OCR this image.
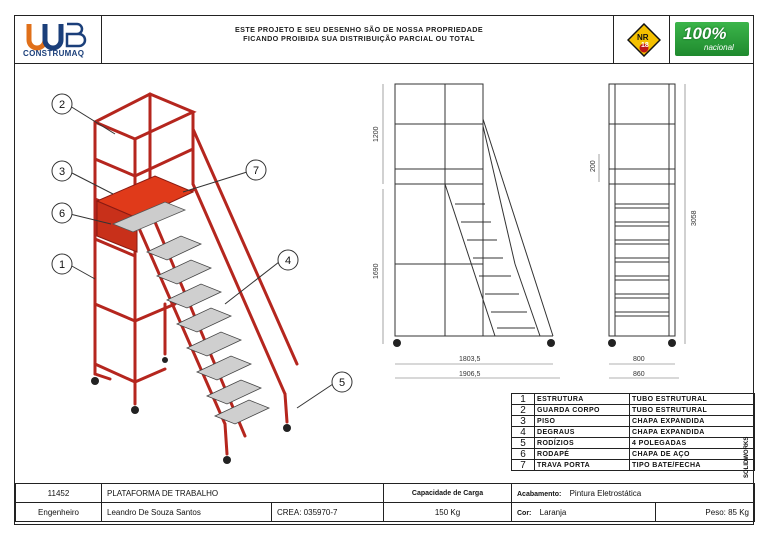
CONSTRUMAQ
ESTE PROJETO E SEU DESENHO SÃO DE NOSSA PROPRIEDADE
FICANDO PROIBIDA SUA DISTRIBUIÇÃO PARCIAL OU TOTAL	NR
18
100%
nacional
2
3	7
6
1	4
5
1200
1690
1803,5
1906,5
200
3058
800
860
1	ESTRUTURA	TUBO ESTRUTURAL
2	GUARDA CORPO	TUBO ESTRUTURAL
3	PISO	CHAPA EXPANDIDA
4	DEGRAUS	CHAPA EXPANDIDA
5	RODÍZIOS	4 POLEGADAS
6	RODAPÉ	CHAPA DE AÇO
7	TRAVA PORTA	TIPO BATE/FECHA
11452	PLATAFORMA DE TRABALHO		Capacidade de Carga	Acabamento: Pintura Eletrostática	
Engenheiro	Leandro De Souza Santos	CREA: 035970-7	150 Kg	Cor: Laranja	Peso: 85 Kg
SOLIDWORKS
